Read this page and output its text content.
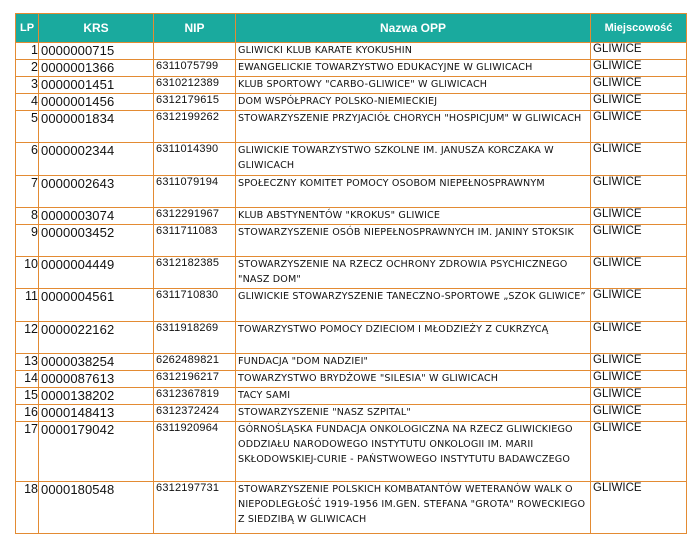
LP	KRS	NIP	Nazwa OPP	Miejscowość
1	0000000715		GLIWICKI KLUB KARATE KYOKUSHIN	GLIWICE
2	0000001366	6311075799	EWANGELICKIE TOWARZYSTWO EDUKACYJNE W GLIWICACH	GLIWICE
3	0000001451	6310212389	KLUB SPORTOWY "CARBO-GLIWICE" W GLIWICACH	GLIWICE
4	0000001456	6312179615	DOM WSPÓŁPRACY POLSKO-NIEMIECKIEJ	GLIWICE
5	0000001834	6312199262	STOWARZYSZENIE PRZYJACIÓŁ CHORYCH "HOSPICJUM" W GLIWICACH	GLIWICE
6	0000002344	6311014390	GLIWICKIE TOWARZYSTWO SZKOLNE IM. JANUSZA KORCZAKA W GLIWICACH	GLIWICE
7	0000002643	6311079194	SPOŁECZNY KOMITET POMOCY OSOBOM NIEPEŁNOSPRAWNYM	GLIWICE
8	0000003074	6312291967	KLUB ABSTYNENTÓW "KROKUS" GLIWICE	GLIWICE
9	0000003452	6311711083	STOWARZYSZENIE OSÓB NIEPEŁNOSPRAWNYCH IM. JANINY STOKSIK	GLIWICE
10	0000004449	6312182385	STOWARZYSZENIE NA RZECZ OCHRONY ZDROWIA PSYCHICZNEGO "NASZ DOM"	GLIWICE
11	0000004561	6311710830	GLIWICKIE STOWARZYSZENIE TANECZNO-SPORTOWE „SZOK GLIWICE”	GLIWICE
12	0000022162	6311918269	TOWARZYSTWO POMOCY DZIECIOM I MŁODZIEŻY Z CUKRZYCĄ	GLIWICE
13	0000038254	6262489821	FUNDACJA "DOM NADZIEI"	GLIWICE
14	0000087613	6312196217	TOWARZYSTWO BRYDŻOWE "SILESIA" W GLIWICACH	GLIWICE
15	0000138202	6312367819	TACY SAMI	GLIWICE
16	0000148413	6312372424	STOWARZYSZENIE "NASZ SZPITAL"	GLIWICE
17	0000179042	6311920964	GÓRNOŚLĄSKA FUNDACJA ONKOLOGICZNA NA RZECZ GLIWICKIEGO ODDZIAŁU NARODOWEGO INSTYTUTU ONKOLOGII IM. MARII SKŁODOWSKIEJ-CURIE - PAŃSTWOWEGO INSTYTUTU BADAWCZEGO	GLIWICE
18	0000180548	6312197731	STOWARZYSZENIE POLSKICH KOMBATANTÓW WETERANÓW WALK O NIEPODLEGŁOŚĆ 1919-1956 IM.GEN. STEFANA "GROTA" ROWECKIEGO Z SIEDZIBĄ W GLIWICACH	GLIWICE
